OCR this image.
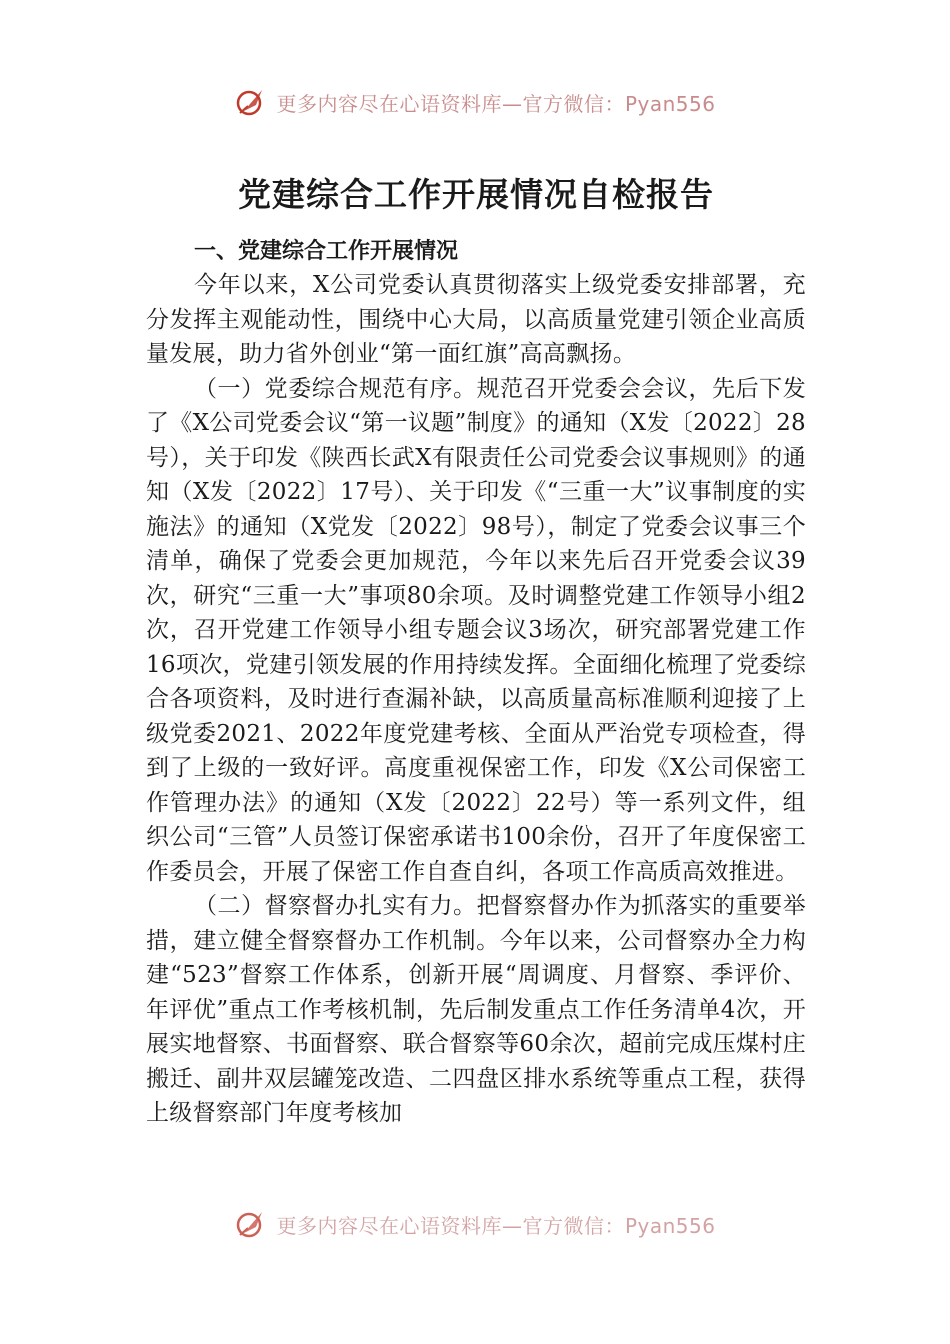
更多内容尽在心语资料库—官方微信：Pyan556
党建综合工作开展情况自检报告

一、党建综合工作开展情况

今年以来，X公司党委认真贯彻落实上级党委安排部署，充分发挥主观能动性，围绕中心大局，以高质量党建引领企业高质量发展，助力省外创业“第一面红旗”高高飘扬。

（一）党委综合规范有序。规范召开党委会会议，先后下发了《X公司党委会议“第一议题”制度》的通知（X发〔2022〕28号），关于印发《陕西长武X有限责任公司党委会议事规则》的通知（X发〔2022〕17号）、关于印发《“三重一大”议事制度的实施法》的通知（X党发〔2022〕98号），制定了党委会议事三个清单，确保了党委会更加规范，今年以来先后召开党委会议39次，研究“三重一大”事项80余项。及时调整党建工作领导小组2次，召开党建工作领导小组专题会议3场次，研究部署党建工作16项次，党建引领发展的作用持续发挥。全面细化梳理了党委综合各项资料，及时进行查漏补缺，以高质量高标准顺利迎接了上级党委2021、2022年度党建考核、全面从严治党专项检查，得到了上级的一致好评。高度重视保密工作，印发《X公司保密工作管理办法》的通知（X发〔2022〕22号）等一系列文件，组织公司“三管”人员签订保密承诺书100余份，召开了年度保密工作委员会，开展了保密工作自查自纠，各项工作高质高效推进。

（二）督察督办扎实有力。把督察督办作为抓落实的重要举措，建立健全督察督办工作机制。今年以来，公司督察办全力构建“523”督察工作体系，创新开展“周调度、月督察、季评价、年评优”重点工作考核机制，先后制发重点工作任务清单4次，开展实地督察、书面督察、联合督察等60余次，超前完成压煤村庄搬迁、副井双层罐笼改造、二四盘区排水系统等重点工程，获得上级督察部门年度考核加

更多内容尽在心语资料库—官方微信：Pyan556
